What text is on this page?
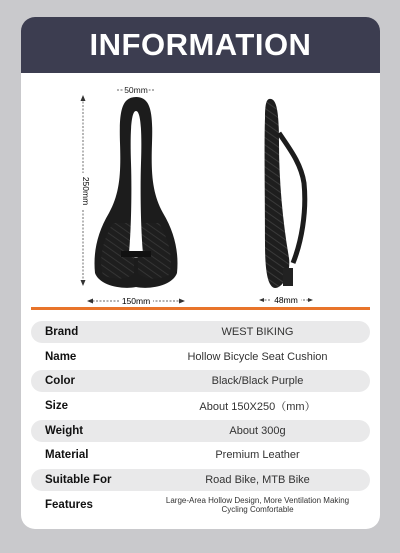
INFORMATION
50mm
250mm
150mm	48mm
Brand	WEST BIKING
Name	Hollow Bicycle Seat Cushion
Color	Black/Black Purple
Size	About 150X250（mm）
Weight	About 300g
Material	Premium Leather
Suitable For	Road Bike, MTB Bike
Features	Large-Area Hollow Design, More Ventilation Making Cycling Comfortable
